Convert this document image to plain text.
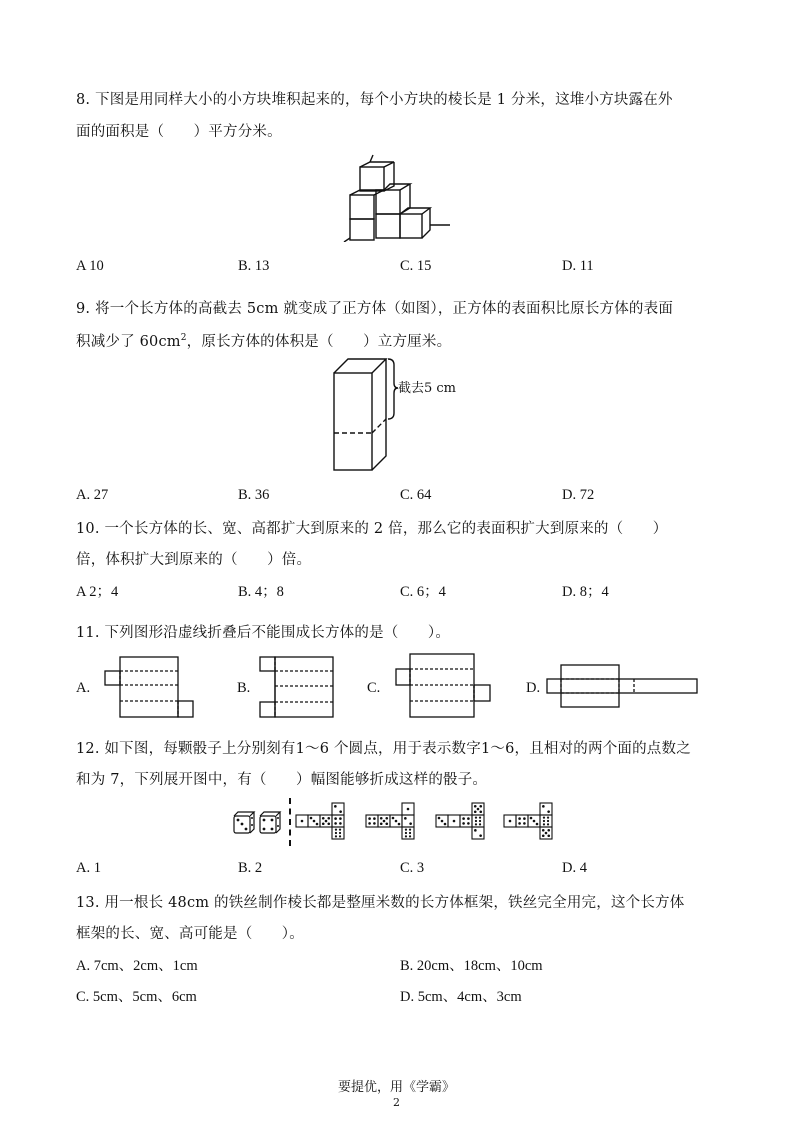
8. 下图是用同样大小的小方块堆积起来的，每个小方块的棱长是 1 分米，这堆小方块露在外
面的面积是（　　）平方分米。
A 10	B. 13	C. 15	D. 11
9. 将一个长方体的高截去 5cm 就变成了正方体（如图），正方体的表面积比原长方体的表面
积减少了 $60cm^2$，原长方体的体积是（　　）立方厘米。
截去5 cm
A. 27	B. 36	C. 64	D. 72
10. 一个长方体的长、宽、高都扩大到原来的 2 倍，那么它的表面积扩大到原来的（　　）
倍，体积扩大到原来的（　　）倍。
A 2；4	B. 4；8	C. 6；4	D. 8；4
11. 下列图形沿虚线折叠后不能围成长方体的是（　　）。
A.	B.	C.	D.
12. 如下图，每颗骰子上分别刻有1～6 个圆点，用于表示数字1～6，且相对的两个面的点数之
和为 7，下列展开图中，有（　　）幅图能够折成这样的骰子。
A. 1	B. 2	C. 3	D. 4
13. 用一根长 48cm 的铁丝制作棱长都是整厘米数的长方体框架，铁丝完全用完，这个长方体
框架的长、宽、高可能是（　　）。
A. 7cm、2cm、1cm	B. 20cm、18cm、10cm
C. 5cm、5cm、6cm	D. 5cm、4cm、3cm
要提优，用《学霸》
2
